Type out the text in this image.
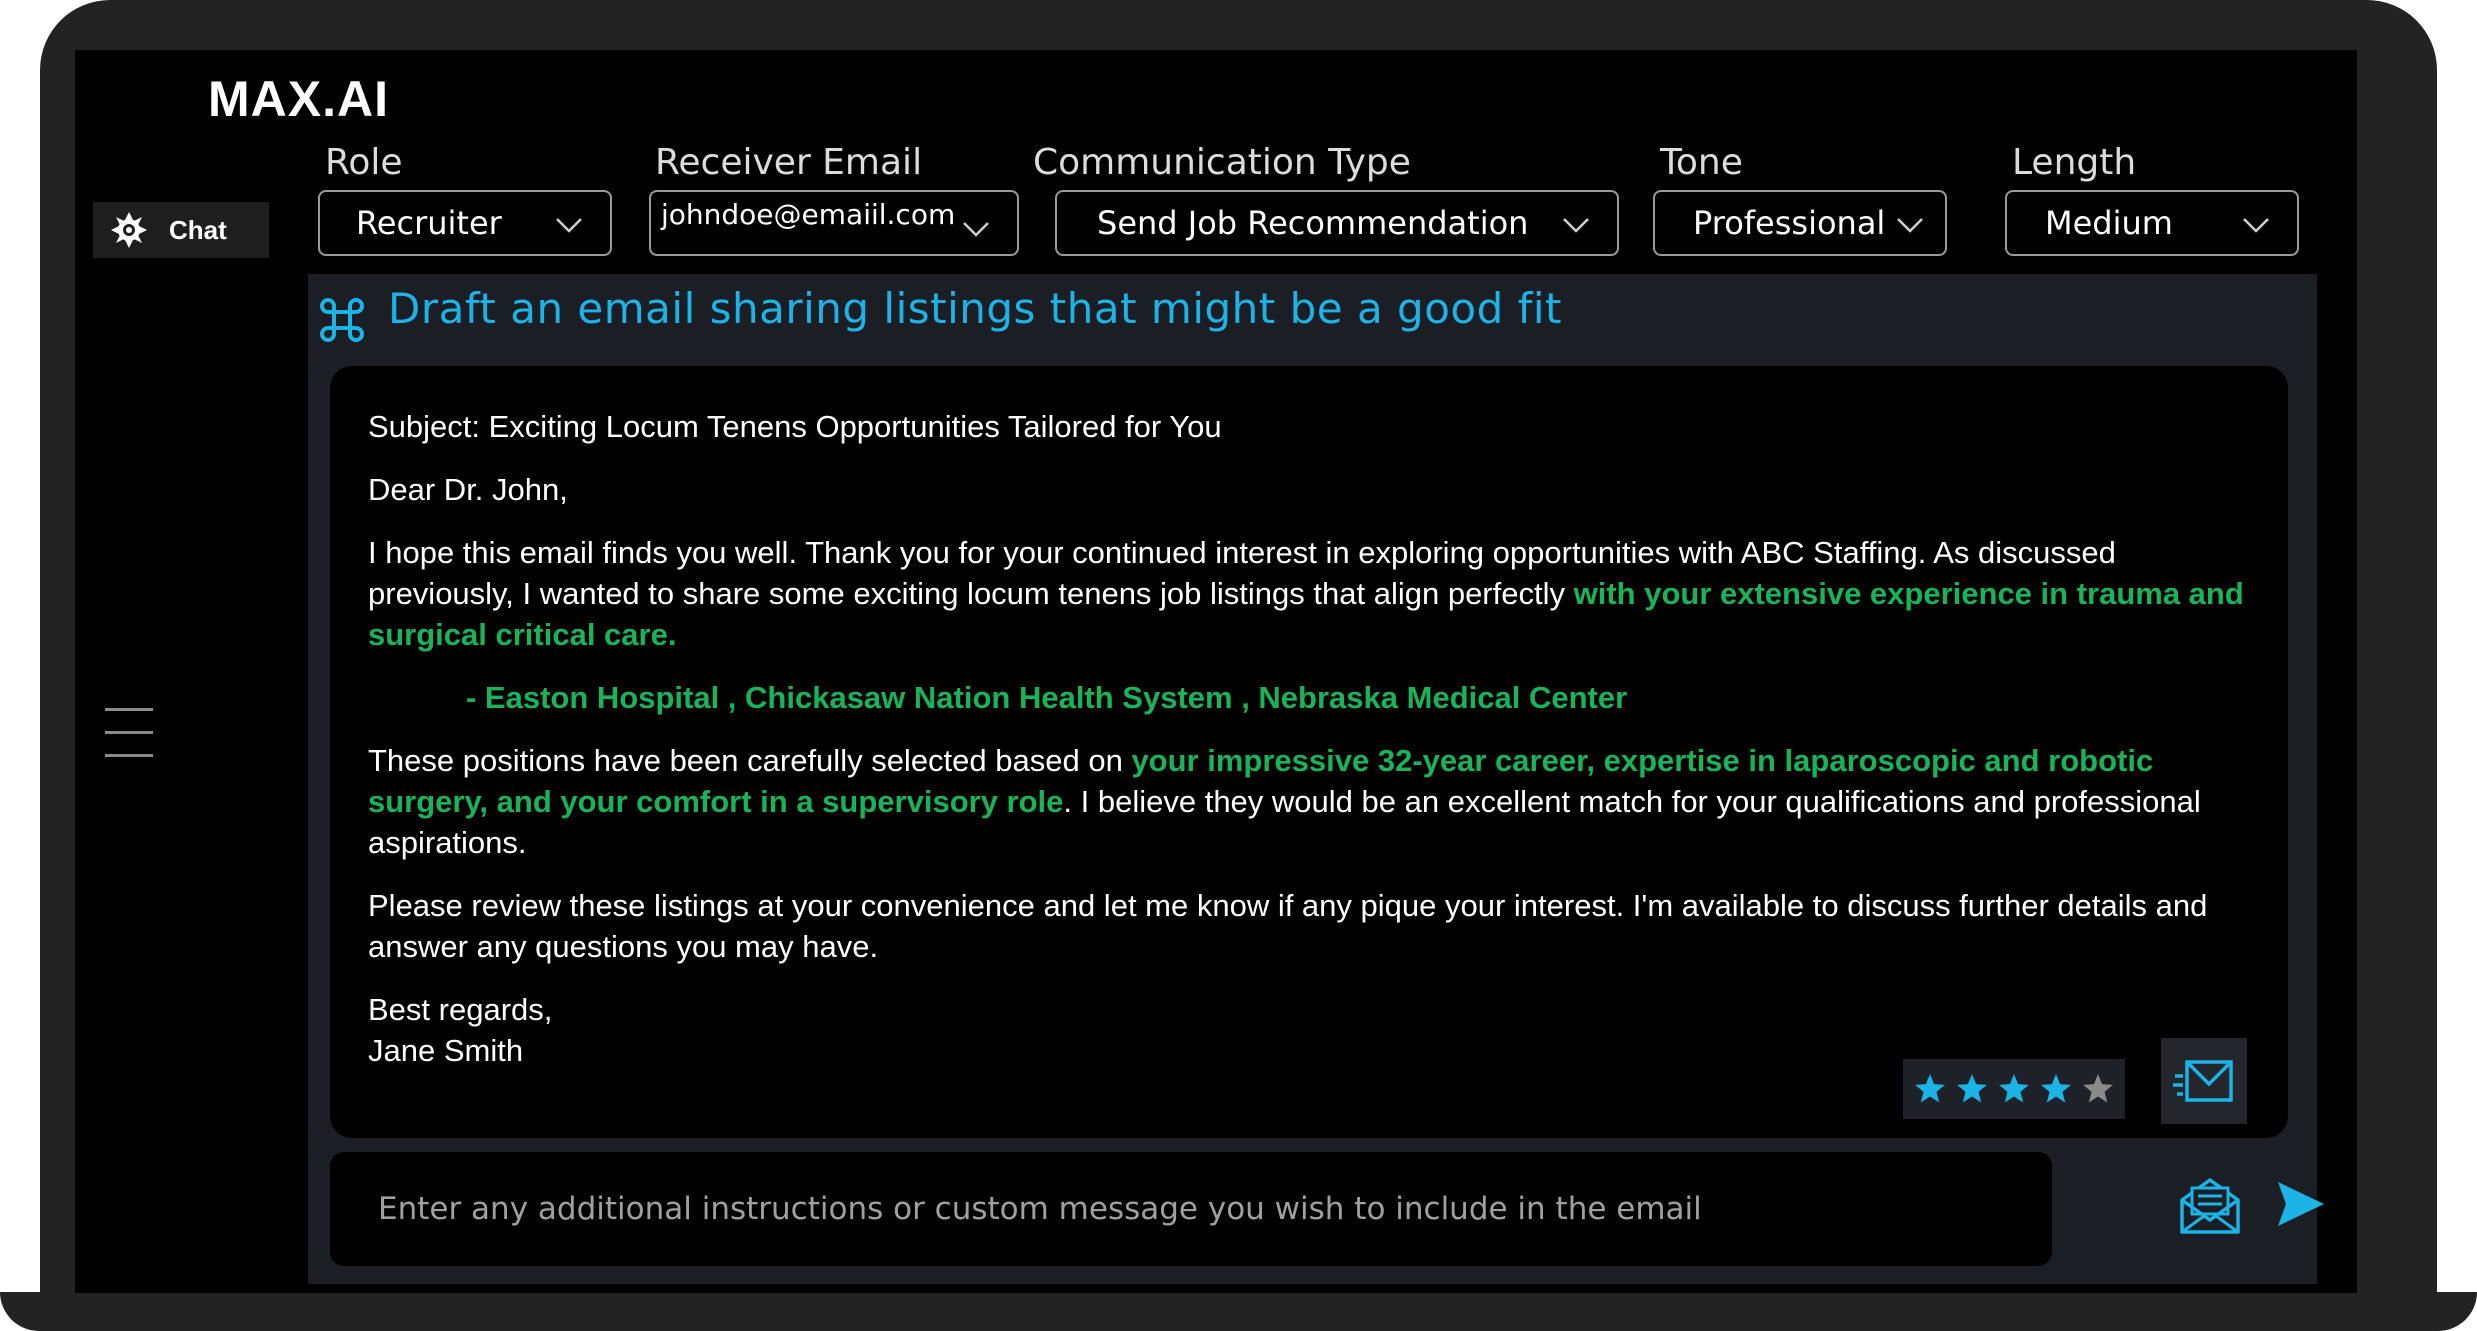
MAX.AI
Chat
Role
Recruiter
Receiver Email
johndoe@emaiil.com
Communication Type
Send Job Recommendation
Tone
Professional
Length
Medium
Draft an email sharing listings that might be a good fit

Subject: Exciting Locum Tenens Opportunities Tailored for You

Dear Dr. John,

I hope this email finds you well. Thank you for your continued interest in exploring opportunities with ABC Staffing. As discussed previously, I wanted to share some exciting locum tenens job listings that align perfectly with your extensive experience in trauma and surgical critical care.

- Easton Hospital , Chickasaw Nation Health System , Nebraska Medical Center

These positions have been carefully selected based on your impressive 32-year career, expertise in laparoscopic and robotic surgery, and your comfort in a supervisory role. I believe they would be an excellent match for your qualifications and professional aspirations.

Please review these listings at your convenience and let me know if any pique your interest. I'm available to discuss further details and answer any questions you may have.

Best regards,

Jane Smith

Enter any additional instructions or custom message you wish to include in the email
